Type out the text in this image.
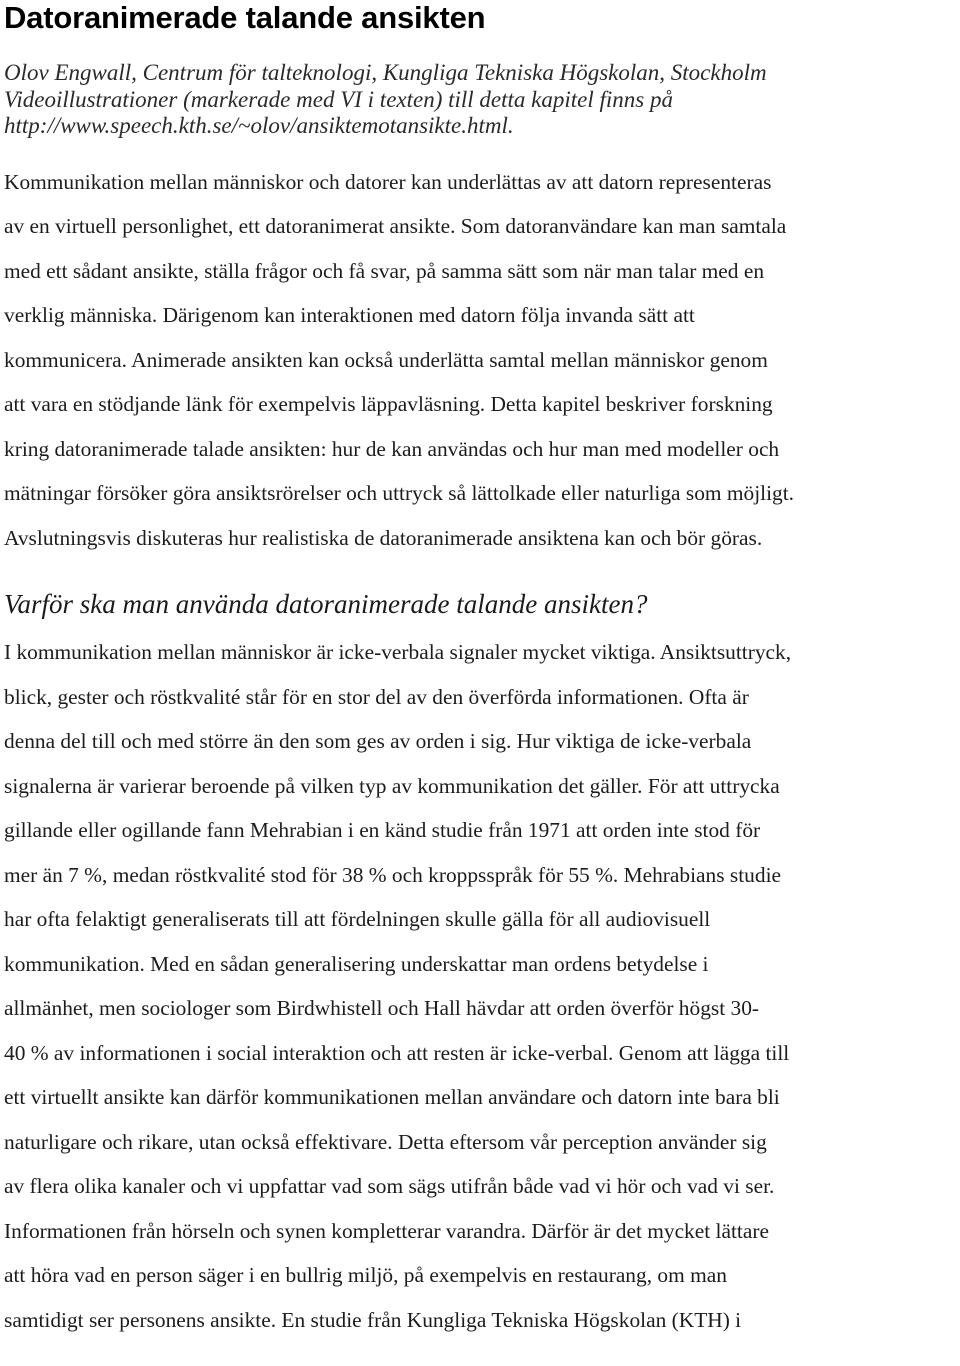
Datoranimerade talande ansikten
Olov Engwall, Centrum för talteknologi, Kungliga Tekniska Högskolan, Stockholm
Videoillustrationer (markerade med VI i texten) till detta kapitel finns på
http://www.speech.kth.se/~olov/ansiktemotansikte.html.
Kommunikation mellan människor och datorer kan underlättas av att datorn representeras
av en virtuell personlighet, ett datoranimerat ansikte. Som datoranvändare kan man samtala
med ett sådant ansikte, ställa frågor och få svar, på samma sätt som när man talar med en
verklig människa. Därigenom kan interaktionen med datorn följa invanda sätt att
kommunicera. Animerade ansikten kan också underlätta samtal mellan människor genom
att vara en stödjande länk för exempelvis läppavläsning. Detta kapitel beskriver forskning
kring datoranimerade talade ansikten: hur de kan användas och hur man med modeller och
mätningar försöker göra ansiktsrörelser och uttryck så lättolkade eller naturliga som möjligt.
Avslutningsvis diskuteras hur realistiska de datoranimerade ansiktena kan och bör göras.
Varför ska man använda datoranimerade talande ansikten?
I kommunikation mellan människor är icke-verbala signaler mycket viktiga. Ansiktsuttryck,
blick, gester och röstkvalité står för en stor del av den överförda informationen. Ofta är
denna del till och med större än den som ges av orden i sig. Hur viktiga de icke-verbala
signalerna är varierar beroende på vilken typ av kommunikation det gäller. För att uttrycka
gillande eller ogillande fann Mehrabian i en känd studie från 1971 att orden inte stod för
mer än 7 %, medan röstkvalité stod för 38 % och kroppsspråk för 55 %. Mehrabians studie
har ofta felaktigt generaliserats till att fördelningen skulle gälla för all audiovisuell
kommunikation. Med en sådan generalisering underskattar man ordens betydelse i
allmänhet, men sociologer som Birdwhistell och Hall hävdar att orden överför högst 30-
40 % av informationen i social interaktion och att resten är icke-verbal. Genom att lägga till
ett virtuellt ansikte kan därför kommunikationen mellan användare och datorn inte bara bli
naturligare och rikare, utan också effektivare. Detta eftersom vår perception använder sig
av flera olika kanaler och vi uppfattar vad som sägs utifrån både vad vi hör och vad vi ser.
Informationen från hörseln och synen kompletterar varandra. Därför är det mycket lättare
att höra vad en person säger i en bullrig miljö, på exempelvis en restaurang, om man
samtidigt ser personens ansikte. En studie från Kungliga Tekniska Högskolan (KTH) i
